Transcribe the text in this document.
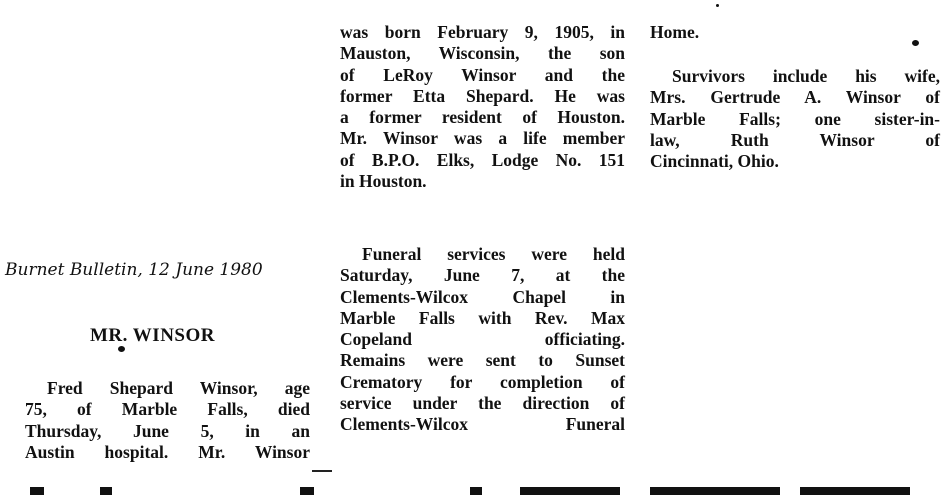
Burnet Bulletin, 12 June 1980
MR. WINSOR
Fred Shepard Winsor, age
75, of Marble Falls, died
Thursday, June 5, in an
Austin hospital. Mr. Winsor
was born February 9, 1905, in
Mauston, Wisconsin, the son
of LeRoy Winsor and the
former Etta Shepard. He was
a former resident of Houston.
Mr. Winsor was a life member
of B.P.O. Elks, Lodge No. 151
in Houston.
Funeral services were held
Saturday, June 7, at the
Clements-Wilcox Chapel in
Marble Falls with Rev. Max
Copeland officiating.
Remains were sent to Sunset
Crematory for completion of
service under the direction of
Clements-Wilcox Funeral
Home.
Survivors include his wife,
Mrs. Gertrude A. Winsor of
Marble Falls; one sister-in-
law, Ruth Winsor of
Cincinnati, Ohio.
